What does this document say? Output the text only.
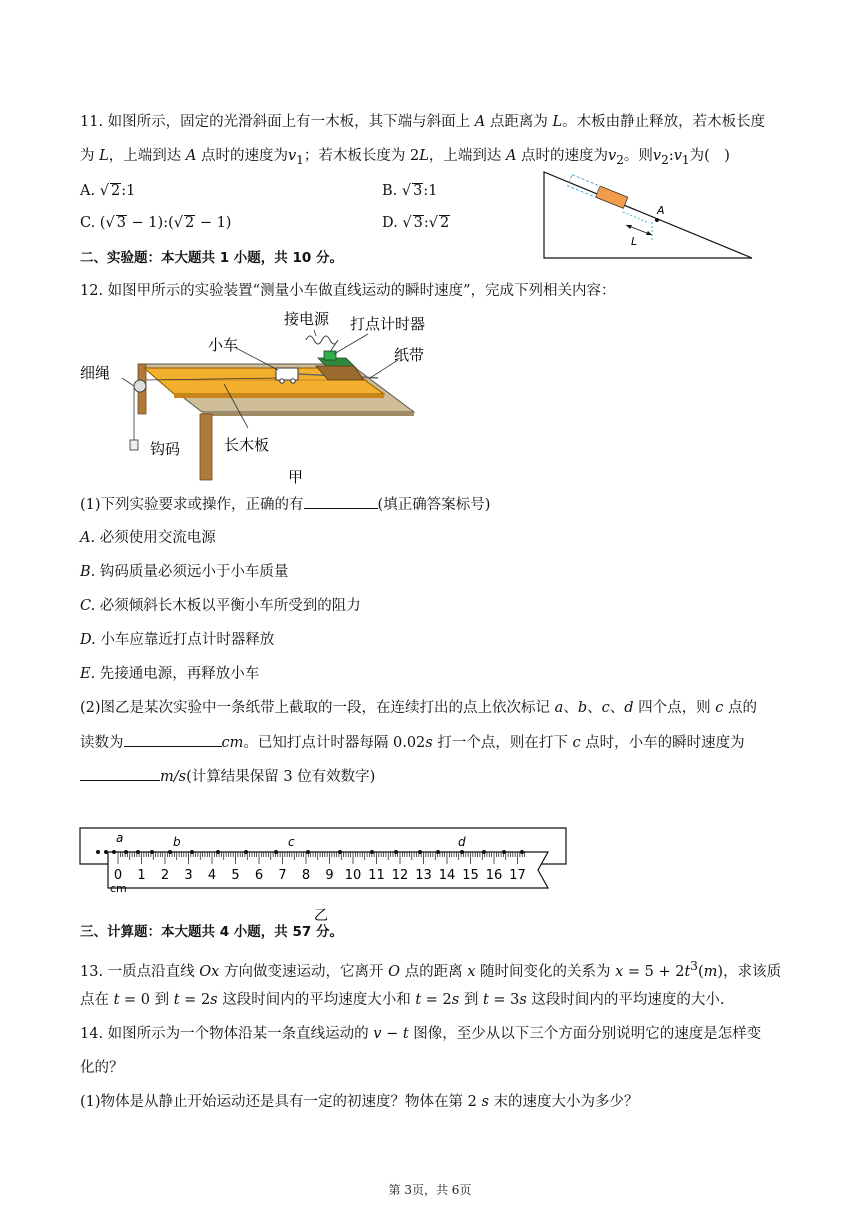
11. 如图所示，固定的光滑斜面上有一木板，其下端与斜面上 A 点距离为 L。木板由静止释放，若木板长度
为 L，上端到达 A 点时的速度为$v_1$；若木板长度为 2L，上端到达 A 点时的速度为$v_2$。则$v_2:v_1$为(　)
A. √ 2:1	B. √ 3:1
C. (√ 3 − 1):(√ 2 − 1)	D. √ 3:√ 2
A
L
二、实验题：本大题共 1 小题，共 10 分。
12. 如图甲所示的实验装置“测量小车做直线运动的瞬时速度”，完成下列相关内容：
接电源 打点计时器
小车
纸带
细绳
钩码	长木板
甲
(1)下列实验要求或操作，正确的有	(填正确答案标号)
A. 必须使用交流电源
B. 钩码质量必须远小于小车质量
C. 必须倾斜长木板以平衡小车所受到的阻力
D. 小车应靠近打点计时器释放
E. 先接通电源，再释放小车
(2)图乙是某次实验中一条纸带上截取的一段，在连续打出的点上依次标记 a、b、c、d 四个点，则 c 点的
读数为	cm。已知打点计时器每隔 0.02s 打一个点，则在打下 c 点时，小车的瞬时速度为
m/s(计算结果保留 3 位有效数字)
0 1 2 3 4 5 6 7 8 9 10 11 12 13 14 15 16 17
cm
a	b	c	d
乙
三、计算题：本大题共 4 小题，共 57 分。
13. 一质点沿直线 Ox 方向做变速运动，它离开 O 点的距离 x 随时间变化的关系为 $x = 5 + 2t^3(m)$，求该质
点在 t = 0 到 t = 2s 这段时间内的平均速度大小和 t = 2s 到 t = 3s 这段时间内的平均速度的大小.
14. 如图所示为一个物体沿某一条直线运动的 v − t 图像，至少从以下三个方面分别说明它的速度是怎样变
化的？
(1)物体是从静止开始运动还是具有一定的初速度？物体在第 2 s 末的速度大小为多少？
第 3页，共 6页
